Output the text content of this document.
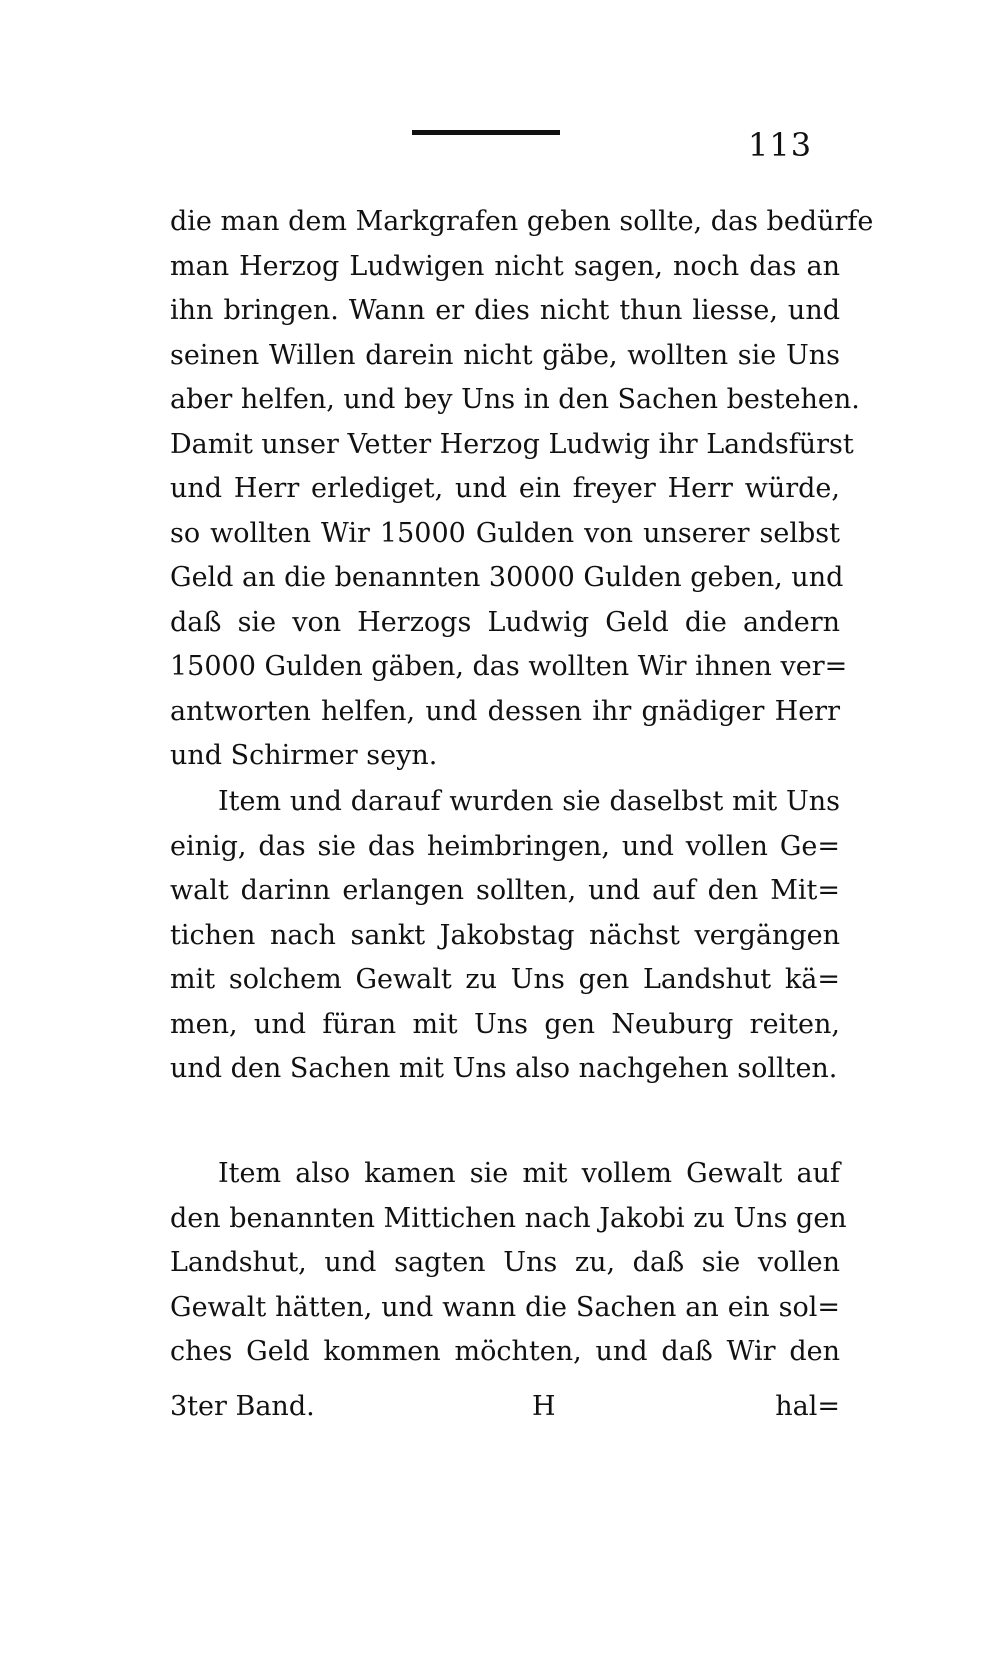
113
die man dem Markgrafen geben sollte, das bedürfe
man Herzog Ludwigen nicht sagen, noch das an
ihn bringen. Wann er dies nicht thun liesse, und
seinen Willen darein nicht gäbe, wollten sie Uns
aber helfen, und bey Uns in den Sachen bestehen.
Damit unser Vetter Herzog Ludwig ihr Landsfürst
und Herr erlediget, und ein freyer Herr würde,
so wollten Wir 15000 Gulden von unserer selbst
Geld an die benannten 30000 Gulden geben, und
daß sie von Herzogs Ludwig Geld die andern
15000 Gulden gäben, das wollten Wir ihnen ver=
antworten helfen, und dessen ihr gnädiger Herr
und Schirmer seyn.
Item und darauf wurden sie daselbst mit Uns
einig, das sie das heimbringen, und vollen Ge=
walt darinn erlangen sollten, und auf den Mit=
tichen nach sankt Jakobstag nächst vergängen
mit solchem Gewalt zu Uns gen Landshut kä=
men, und füran mit Uns gen Neuburg reiten,
und den Sachen mit Uns also nachgehen sollten.
Item also kamen sie mit vollem Gewalt auf
den benannten Mittichen nach Jakobi zu Uns gen
Landshut, und sagten Uns zu, daß sie vollen
Gewalt hätten, und wann die Sachen an ein sol=
ches Geld kommen möchten, und daß Wir den
3ter Band.	H	hal=
